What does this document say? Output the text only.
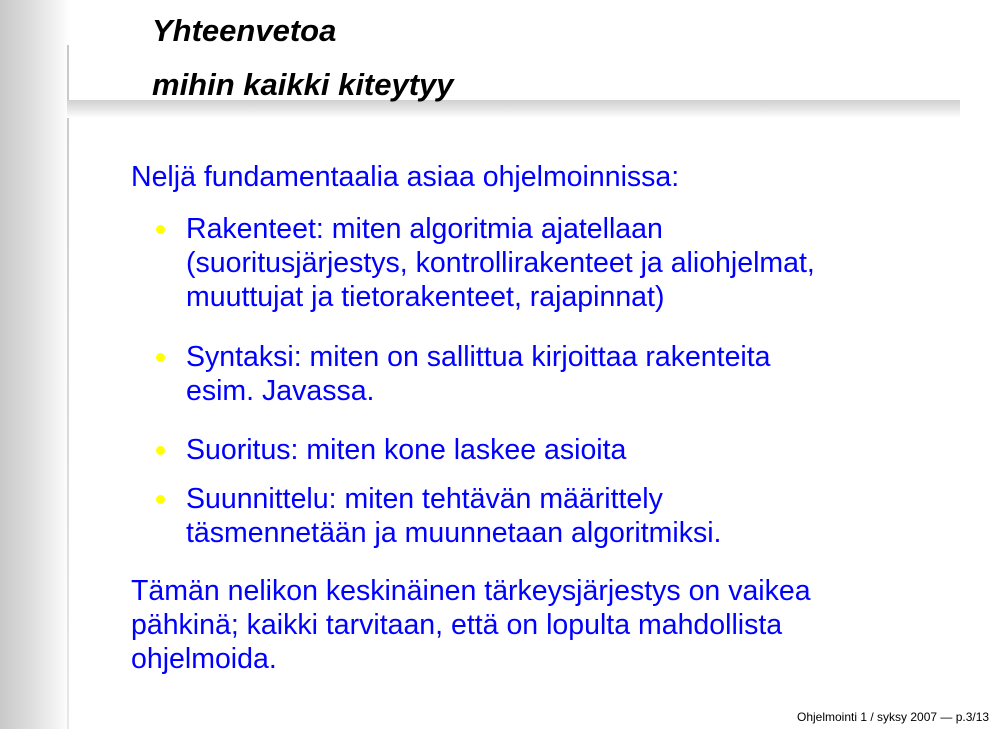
Yhteenvetoa
mihin kaikki kiteytyy

Neljä fundamentaalia asiaa ohjelmoinnissa:

Rakenteet: miten algoritmia ajatellaan
(suoritusjärjestys, kontrollirakenteet ja aliohjelmat,
muuttujat ja tietorakenteet, rajapinnat)
Syntaksi: miten on sallittua kirjoittaa rakenteita
esim. Javassa.
Suoritus: miten kone laskee asioita
Suunnittelu: miten tehtävän määrittely
täsmennetään ja muunnetaan algoritmiksi.
Tämän nelikon keskinäinen tärkeysjärjestys on vaikea
pähkinä; kaikki tarvitaan, että on lopulta mahdollista
ohjelmoida.

Ohjelmointi 1 / syksy 2007 — p.3/13
